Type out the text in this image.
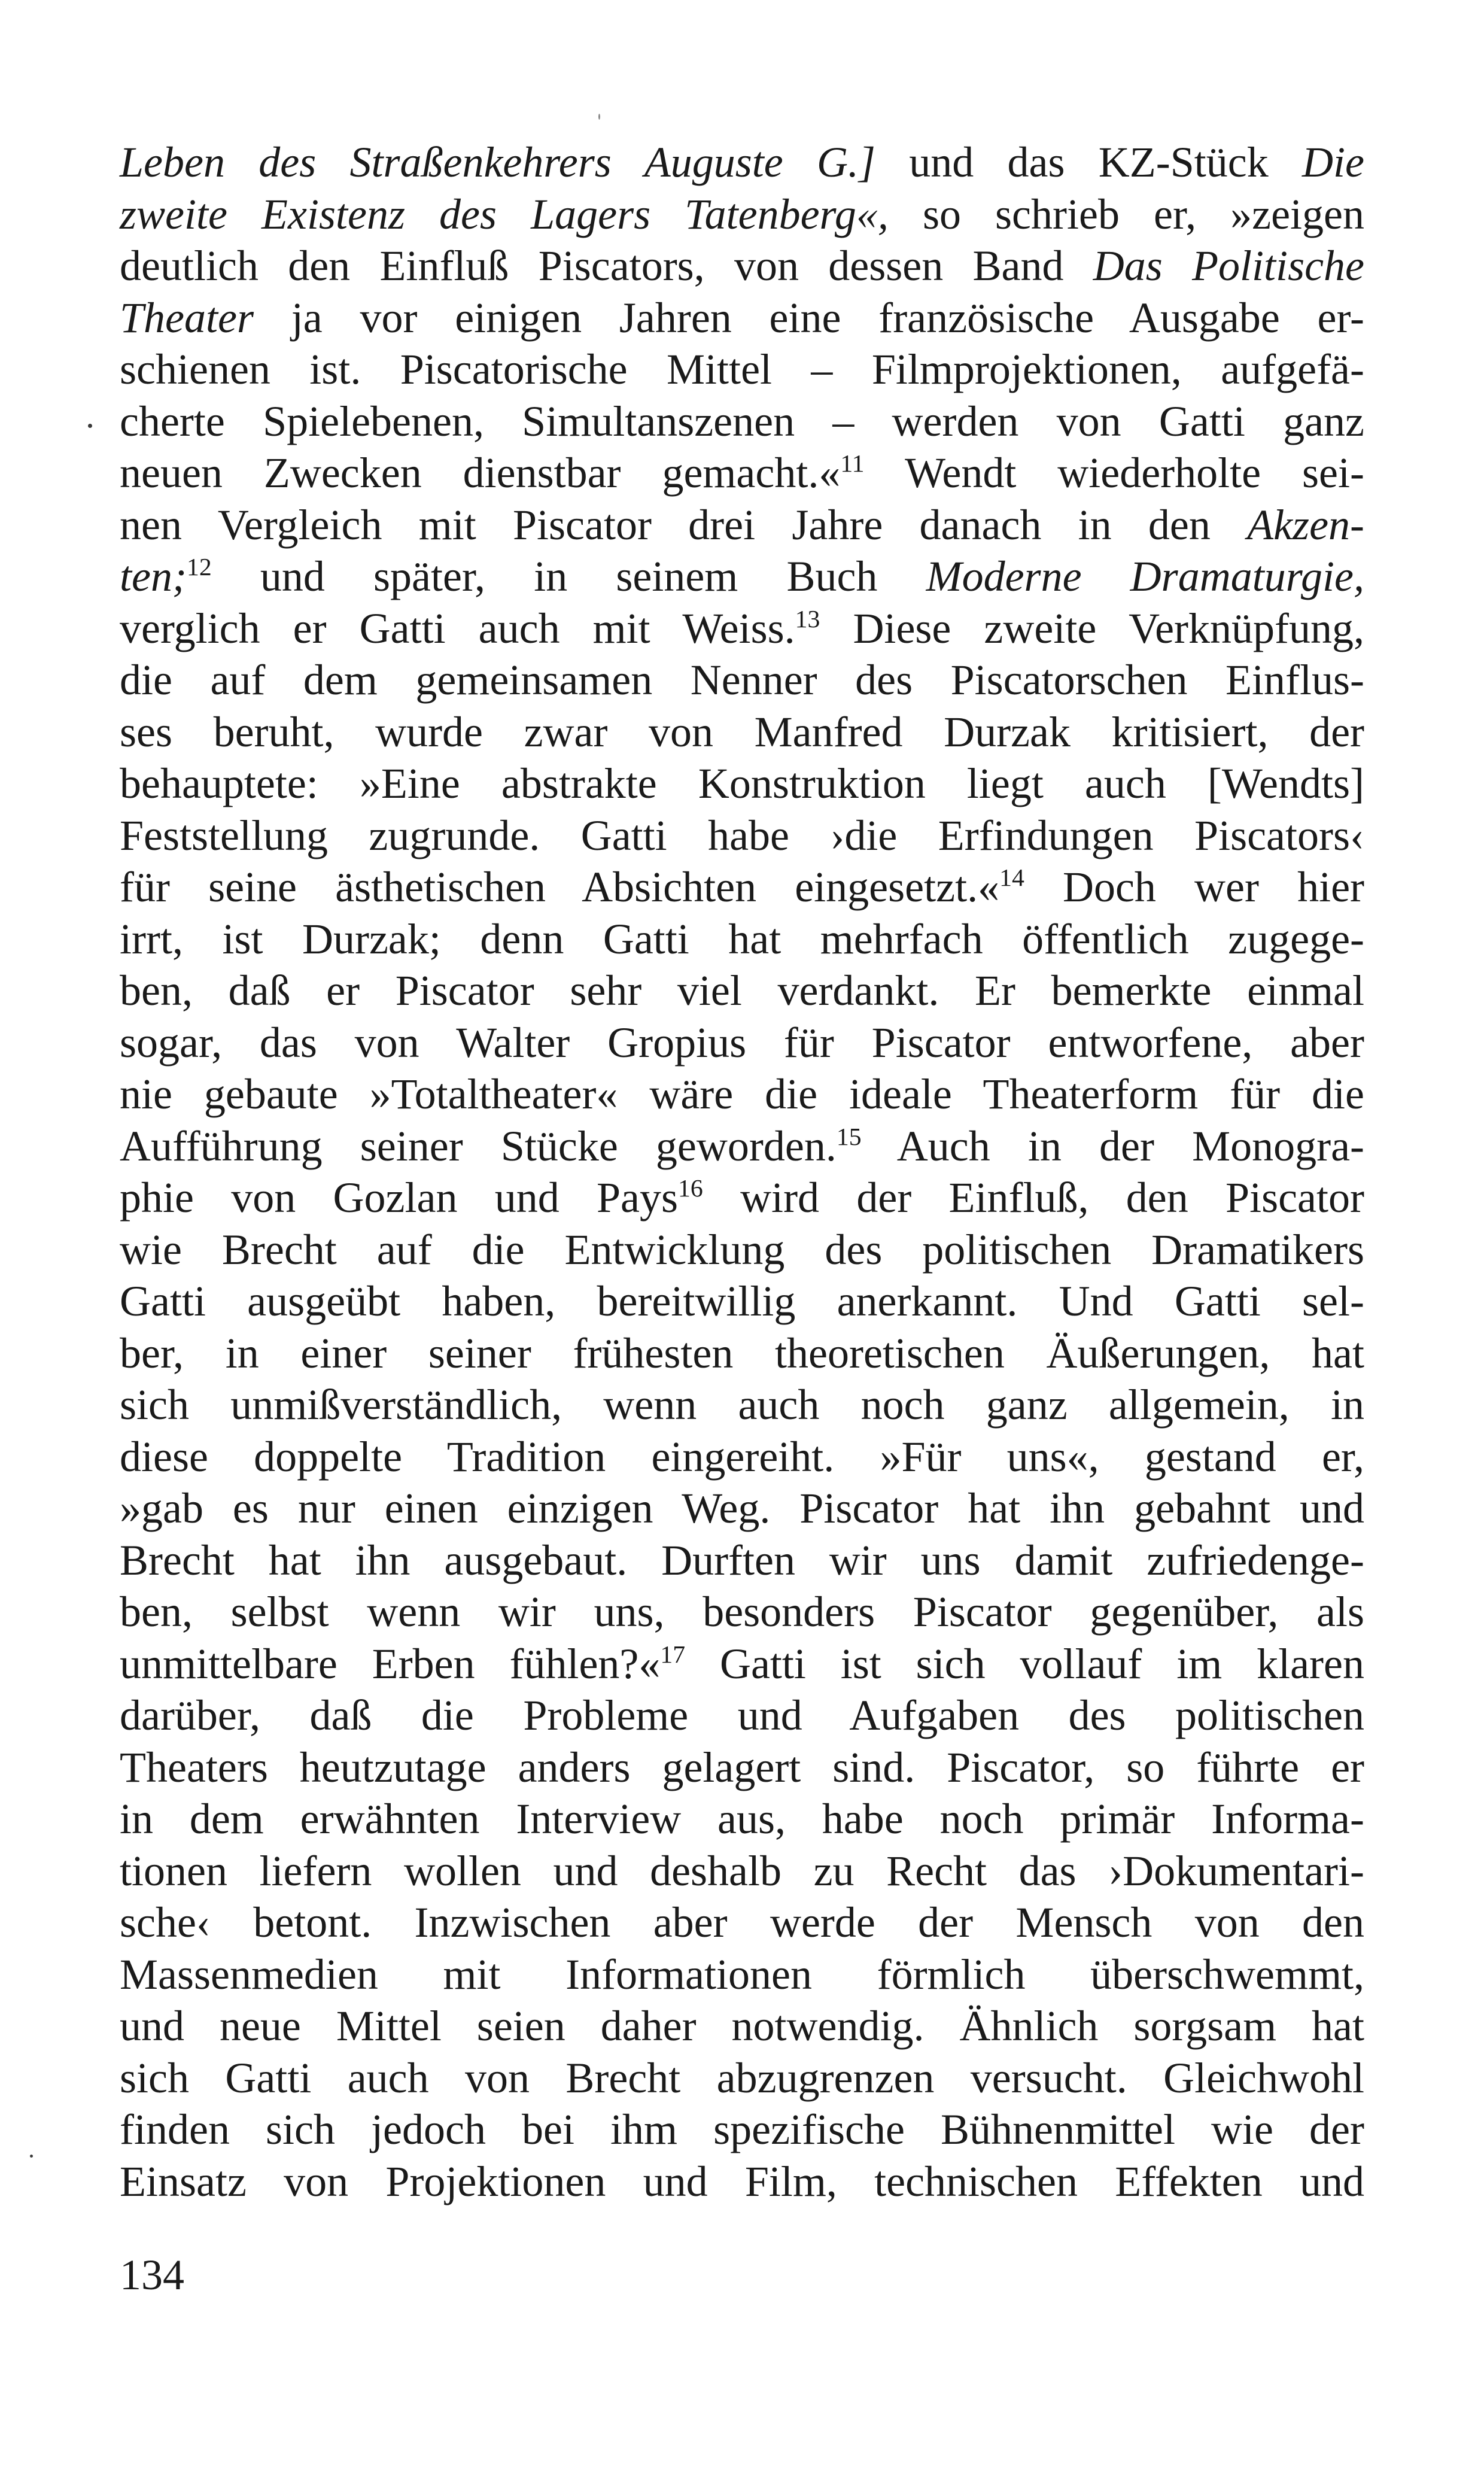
Leben des Straßenkehrers Auguste G.] und das KZ-Stück Die
zweite Existenz des Lagers Tatenberg«, so schrieb er, »zeigen
deutlich den Einfluß Piscators, von dessen Band Das Politische
Theater ja vor einigen Jahren eine französische Ausgabe er-
schienen ist. Piscatorische Mittel – Filmprojektionen, aufgefä-
cherte Spielebenen, Simultanszenen – werden von Gatti ganz
neuen Zwecken dienstbar gemacht.«$^{11}$ Wendt wiederholte sei-
nen Vergleich mit Piscator drei Jahre danach in den Akzen-
ten;$^{12}$ und später, in seinem Buch Moderne Dramaturgie,
verglich er Gatti auch mit Weiss.$^{13}$ Diese zweite Verknüpfung,
die auf dem gemeinsamen Nenner des Piscatorschen Einflus-
ses beruht, wurde zwar von Manfred Durzak kritisiert, der
behauptete: »Eine abstrakte Konstruktion liegt auch [Wendts]
Feststellung zugrunde. Gatti habe ›die Erfindungen Piscators‹
für seine ästhetischen Absichten eingesetzt.«$^{14}$ Doch wer hier
irrt, ist Durzak; denn Gatti hat mehrfach öffentlich zugege-
ben, daß er Piscator sehr viel verdankt. Er bemerkte einmal
sogar, das von Walter Gropius für Piscator entworfene, aber
nie gebaute »Totaltheater« wäre die ideale Theaterform für die
Aufführung seiner Stücke geworden.$^{15}$ Auch in der Monogra-
phie von Gozlan und Pays$^{16}$ wird der Einfluß, den Piscator
wie Brecht auf die Entwicklung des politischen Dramatikers
Gatti ausgeübt haben, bereitwillig anerkannt. Und Gatti sel-
ber, in einer seiner frühesten theoretischen Äußerungen, hat
sich unmißverständlich, wenn auch noch ganz allgemein, in
diese doppelte Tradition eingereiht. »Für uns«, gestand er,
»gab es nur einen einzigen Weg. Piscator hat ihn gebahnt und
Brecht hat ihn ausgebaut. Durften wir uns damit zufriedenge-
ben, selbst wenn wir uns, besonders Piscator gegenüber, als
unmittelbare Erben fühlen?«$^{17}$ Gatti ist sich vollauf im klaren
darüber, daß die Probleme und Aufgaben des politischen
Theaters heutzutage anders gelagert sind. Piscator, so führte er
in dem erwähnten Interview aus, habe noch primär Informa-
tionen liefern wollen und deshalb zu Recht das ›Dokumentari-
sche‹ betont. Inzwischen aber werde der Mensch von den
Massenmedien mit Informationen förmlich überschwemmt,
und neue Mittel seien daher notwendig. Ähnlich sorgsam hat
sich Gatti auch von Brecht abzugrenzen versucht. Gleichwohl
finden sich jedoch bei ihm spezifische Bühnenmittel wie der
Einsatz von Projektionen und Film, technischen Effekten und
134
